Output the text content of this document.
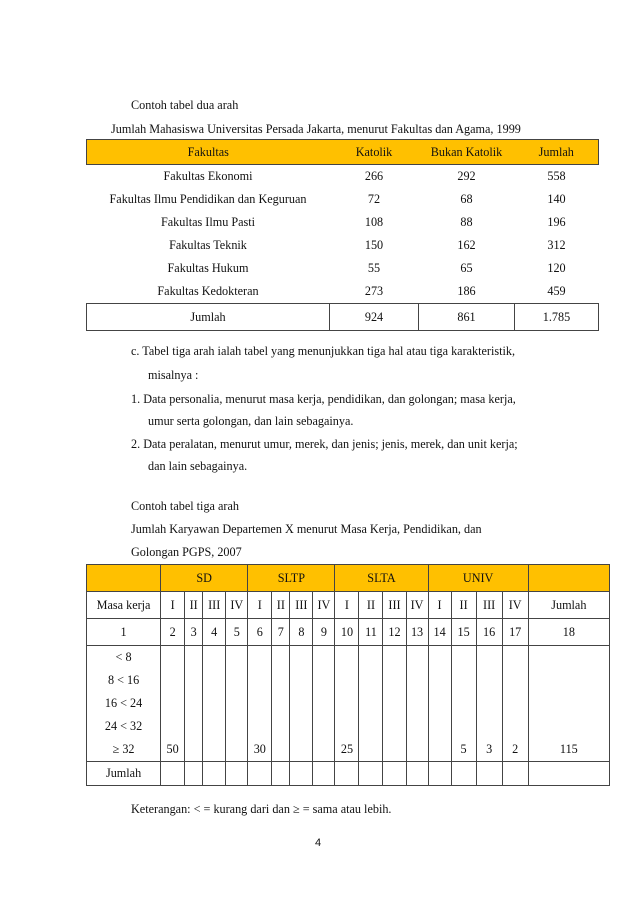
Contoh tabel dua arah
Jumlah Mahasiswa Universitas Persada Jakarta, menurut Fakultas dan Agama, 1999
Fakultas	Katolik	Bukan Katolik	Jumlah
Fakultas Ekonomi	266	292	558
Fakultas Ilmu Pendidikan dan Keguruan	72	68	140
Fakultas Ilmu Pasti	108	88	196
Fakultas Teknik	150	162	312
Fakultas Hukum	55	65	120
Fakultas Kedokteran	273	186	459
Jumlah	924	861	1.785
c. Tabel tiga arah ialah tabel yang menunjukkan tiga hal atau tiga karakteristik,
misalnya :
1. Data personalia, menurut masa kerja, pendidikan, dan golongan; masa kerja,
umur serta golongan, dan lain sebagainya.
2. Data peralatan, menurut umur, merek, dan jenis; jenis, merek, dan unit kerja;
dan lain sebagainya.
Contoh tabel tiga arah
Jumlah Karyawan Departemen X menurut Masa Kerja, Pendidikan, dan
Golongan PGPS, 2007
	SD				SLTP				SLTA				UNIV				
Masa kerja	I	II	III	IV	I	II	III	IV	I	II	III	IV	I	II	III	IV	Jumlah
1	2	3	4	5	6	7	8	9	10	11	12	13	14	15	16	17	18
< 8																	
8 < 16																	
16 < 24																	
24 < 32																	
≥ 32	50				30				25					5	3	2	115
Jumlah																	
Keterangan: < = kurang dari dan ≥ = sama atau lebih.
4
